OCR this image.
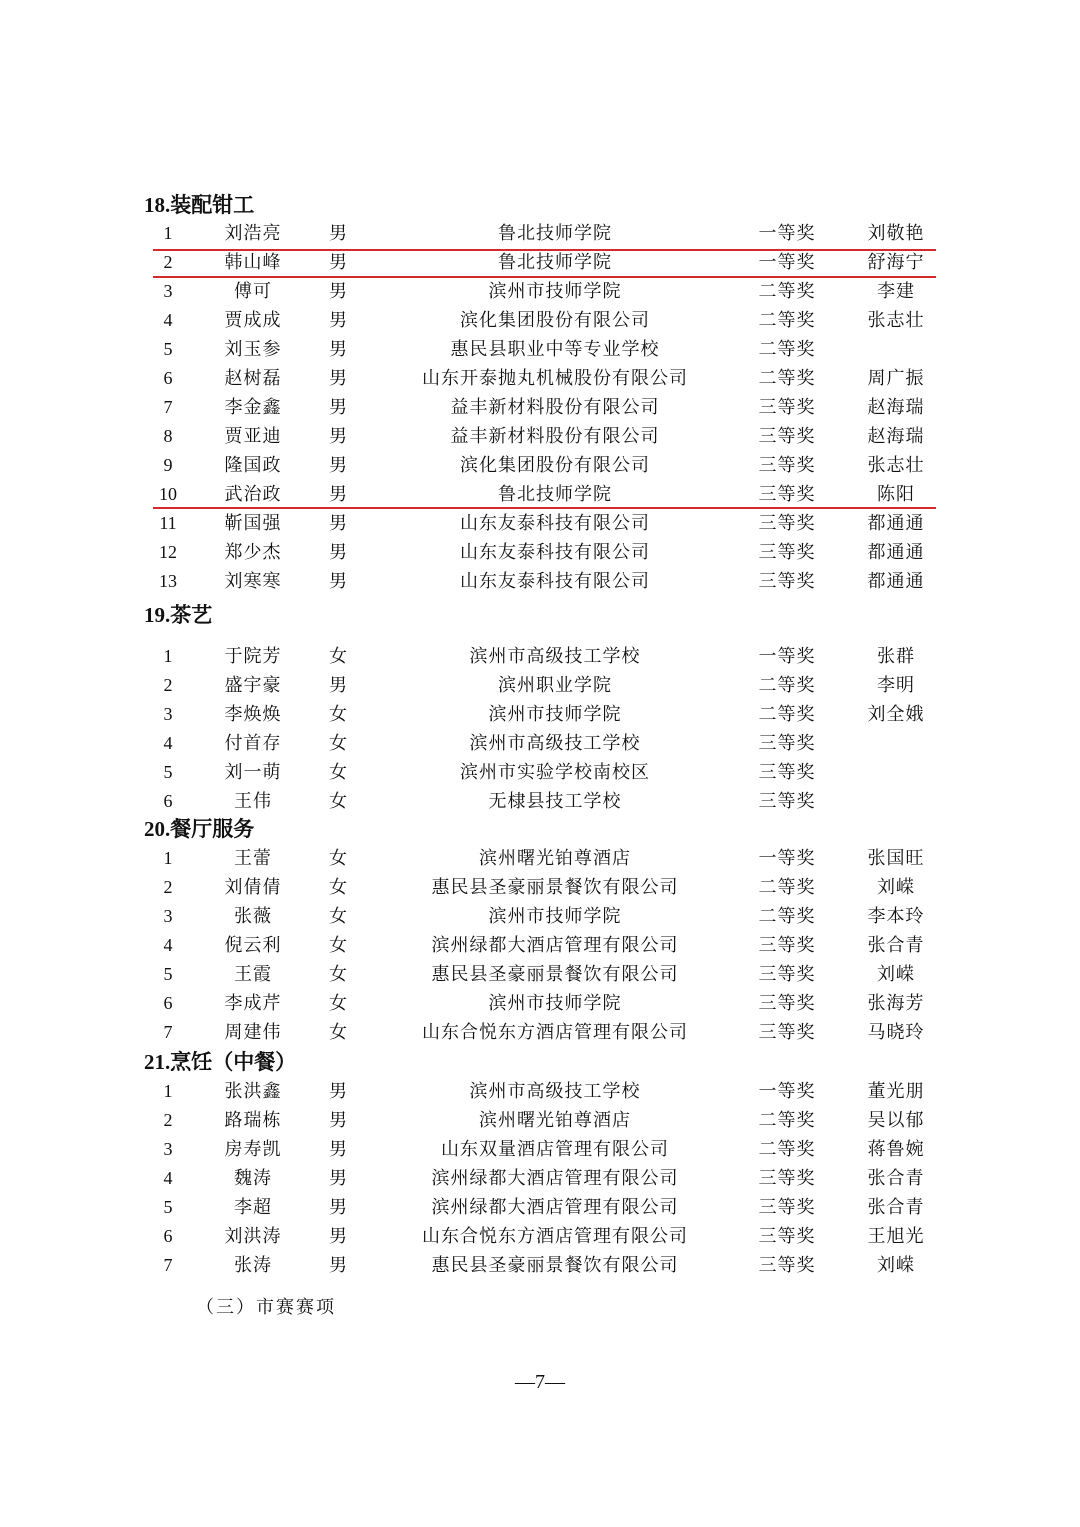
18.装配钳工
1	刘浩亮	男	鲁北技师学院	一等奖	刘敬艳
2	韩山峰	男	鲁北技师学院	一等奖	舒海宁
3	傅可	男	滨州市技师学院	二等奖	李建
4	贾成成	男	滨化集团股份有限公司	二等奖	张志壮
5	刘玉参	男	惠民县职业中等专业学校	二等奖
6	赵树磊	男	山东开泰抛丸机械股份有限公司	二等奖	周广振
7	李金鑫	男	益丰新材料股份有限公司	三等奖	赵海瑞
8	贾亚迪	男	益丰新材料股份有限公司	三等奖	赵海瑞
9	隆国政	男	滨化集团股份有限公司	三等奖	张志壮
10	武治政	男	鲁北技师学院	三等奖	陈阳
11	靳国强	男	山东友泰科技有限公司	三等奖	都通通
12	郑少杰	男	山东友泰科技有限公司	三等奖	都通通
13	刘寒寒	男	山东友泰科技有限公司	三等奖	都通通
19.茶艺
1	于院芳	女	滨州市高级技工学校	一等奖	张群
2	盛宇豪	男	滨州职业学院	二等奖	李明
3	李焕焕	女	滨州市技师学院	二等奖	刘全娥
4	付首存	女	滨州市高级技工学校	三等奖
5	刘一萌	女	滨州市实验学校南校区	三等奖
6	王伟	女	无棣县技工学校	三等奖
20.餐厅服务
1	王蕾	女	滨州曙光铂尊酒店	一等奖	张国旺
2	刘倩倩	女	惠民县圣豪丽景餐饮有限公司	二等奖	刘嵘
3	张薇	女	滨州市技师学院	二等奖	李本玲
4	倪云利	女	滨州绿都大酒店管理有限公司	三等奖	张合青
5	王霞	女	惠民县圣豪丽景餐饮有限公司	三等奖	刘嵘
6	李成芹	女	滨州市技师学院	三等奖	张海芳
7	周建伟	女	山东合悦东方酒店管理有限公司	三等奖	马晓玲
21.烹饪（中餐）
1	张洪鑫	男	滨州市高级技工学校	一等奖	董光朋
2	路瑞栋	男	滨州曙光铂尊酒店	二等奖	吴以郁
3	房寿凯	男	山东双量酒店管理有限公司	二等奖	蒋鲁婉
4	魏涛	男	滨州绿都大酒店管理有限公司	三等奖	张合青
5	李超	男	滨州绿都大酒店管理有限公司	三等奖	张合青
6	刘洪涛	男	山东合悦东方酒店管理有限公司	三等奖	王旭光
7	张涛	男	惠民县圣豪丽景餐饮有限公司	三等奖	刘嵘
（三）市赛赛项
—7—
